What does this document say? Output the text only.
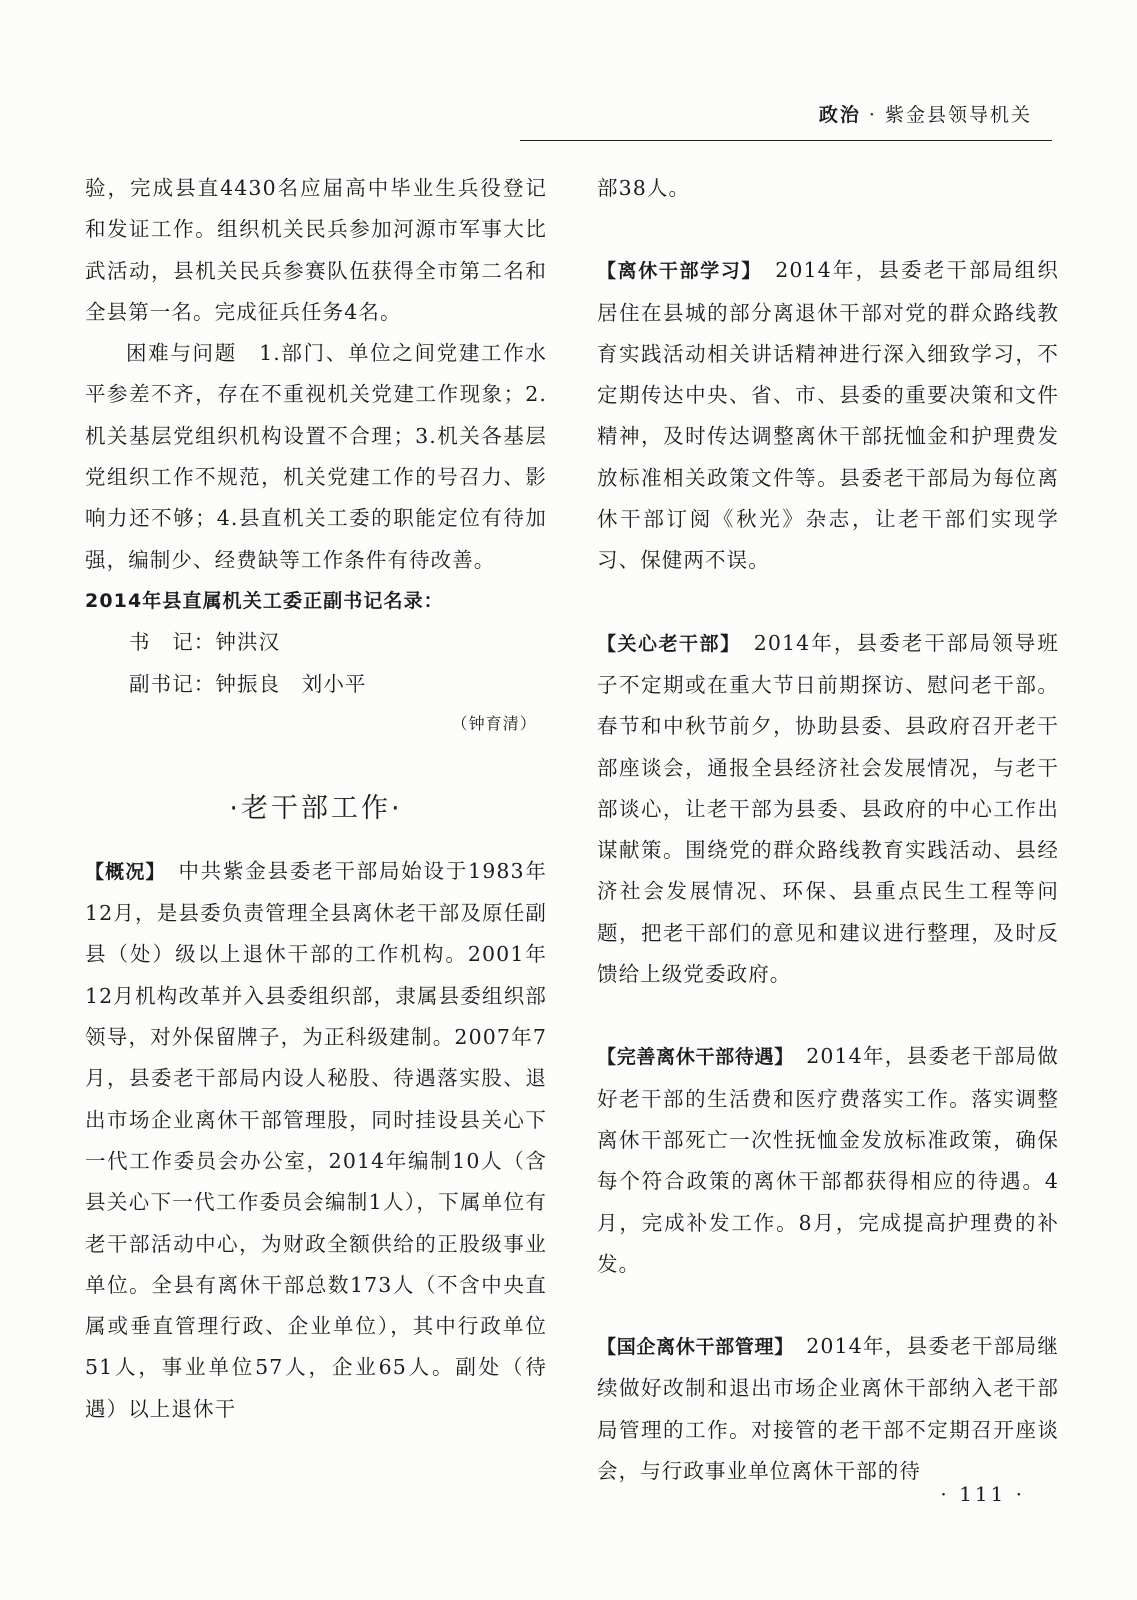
政治 · 紫金县领导机关

验，完成县直4430名应届高中毕业生兵役登记和发证工作。组织机关民兵参加河源市军事大比武活动，县机关民兵参赛队伍获得全市第二名和全县第一名。完成征兵任务4名。

困难与问题　1.部门、单位之间党建工作水平参差不齐，存在不重视机关党建工作现象；2.机关基层党组织机构设置不合理；3.机关各基层党组织工作不规范，机关党建工作的号召力、影响力还不够；4.县直机关工委的职能定位有待加强，编制少、经费缺等工作条件有待改善。

2014年县直属机关工委正副书记名录：

书　记：钟洪汉

副书记：钟振良　刘小平

（钟育清）

·老干部工作·

【概况】　 中共紫金县委老干部局始设于1983年12月，是县委负责管理全县离休老干部及原任副县（处）级以上退休干部的工作机构。2001年12月机构改革并入县委组织部，隶属县委组织部领导，对外保留牌子，为正科级建制。2007年7月，县委老干部局内设人秘股、待遇落实股、退出市场企业离休干部管理股，同时挂设县关心下一代工作委员会办公室，2014年编制10人（含县关心下一代工作委员会编制1人），下属单位有老干部活动中心，为财政全额供给的正股级事业单位。全县有离休干部总数173人（不含中央直属或垂直管理行政、企业单位），其中行政单位51人，事业单位57人，企业65人。副处（待遇）以上退休干

部38人。

【离休干部学习】　 2014年，县委老干部局组织居住在县城的部分离退休干部对党的群众路线教育实践活动相关讲话精神进行深入细致学习，不定期传达中央、省、市、县委的重要决策和文件精神，及时传达调整离休干部抚恤金和护理费发放标准相关政策文件等。县委老干部局为每位离休干部订阅《秋光》杂志，让老干部们实现学习、保健两不误。

【关心老干部】　 2014年，县委老干部局领导班子不定期或在重大节日前期探访、慰问老干部。春节和中秋节前夕，协助县委、县政府召开老干部座谈会，通报全县经济社会发展情况，与老干部谈心，让老干部为县委、县政府的中心工作出谋献策。围绕党的群众路线教育实践活动、县经济社会发展情况、环保、县重点民生工程等问题，把老干部们的意见和建议进行整理，及时反馈给上级党委政府。

【完善离休干部待遇】　 2014年，县委老干部局做好老干部的生活费和医疗费落实工作。落实调整离休干部死亡一次性抚恤金发放标准政策，确保每个符合政策的离休干部都获得相应的待遇。4月，完成补发工作。8月，完成提高护理费的补发。

【国企离休干部管理】　 2014年，县委老干部局继续做好改制和退出市场企业离休干部纳入老干部局管理的工作。对接管的老干部不定期召开座谈会，与行政事业单位离休干部的待

· 111 ·
